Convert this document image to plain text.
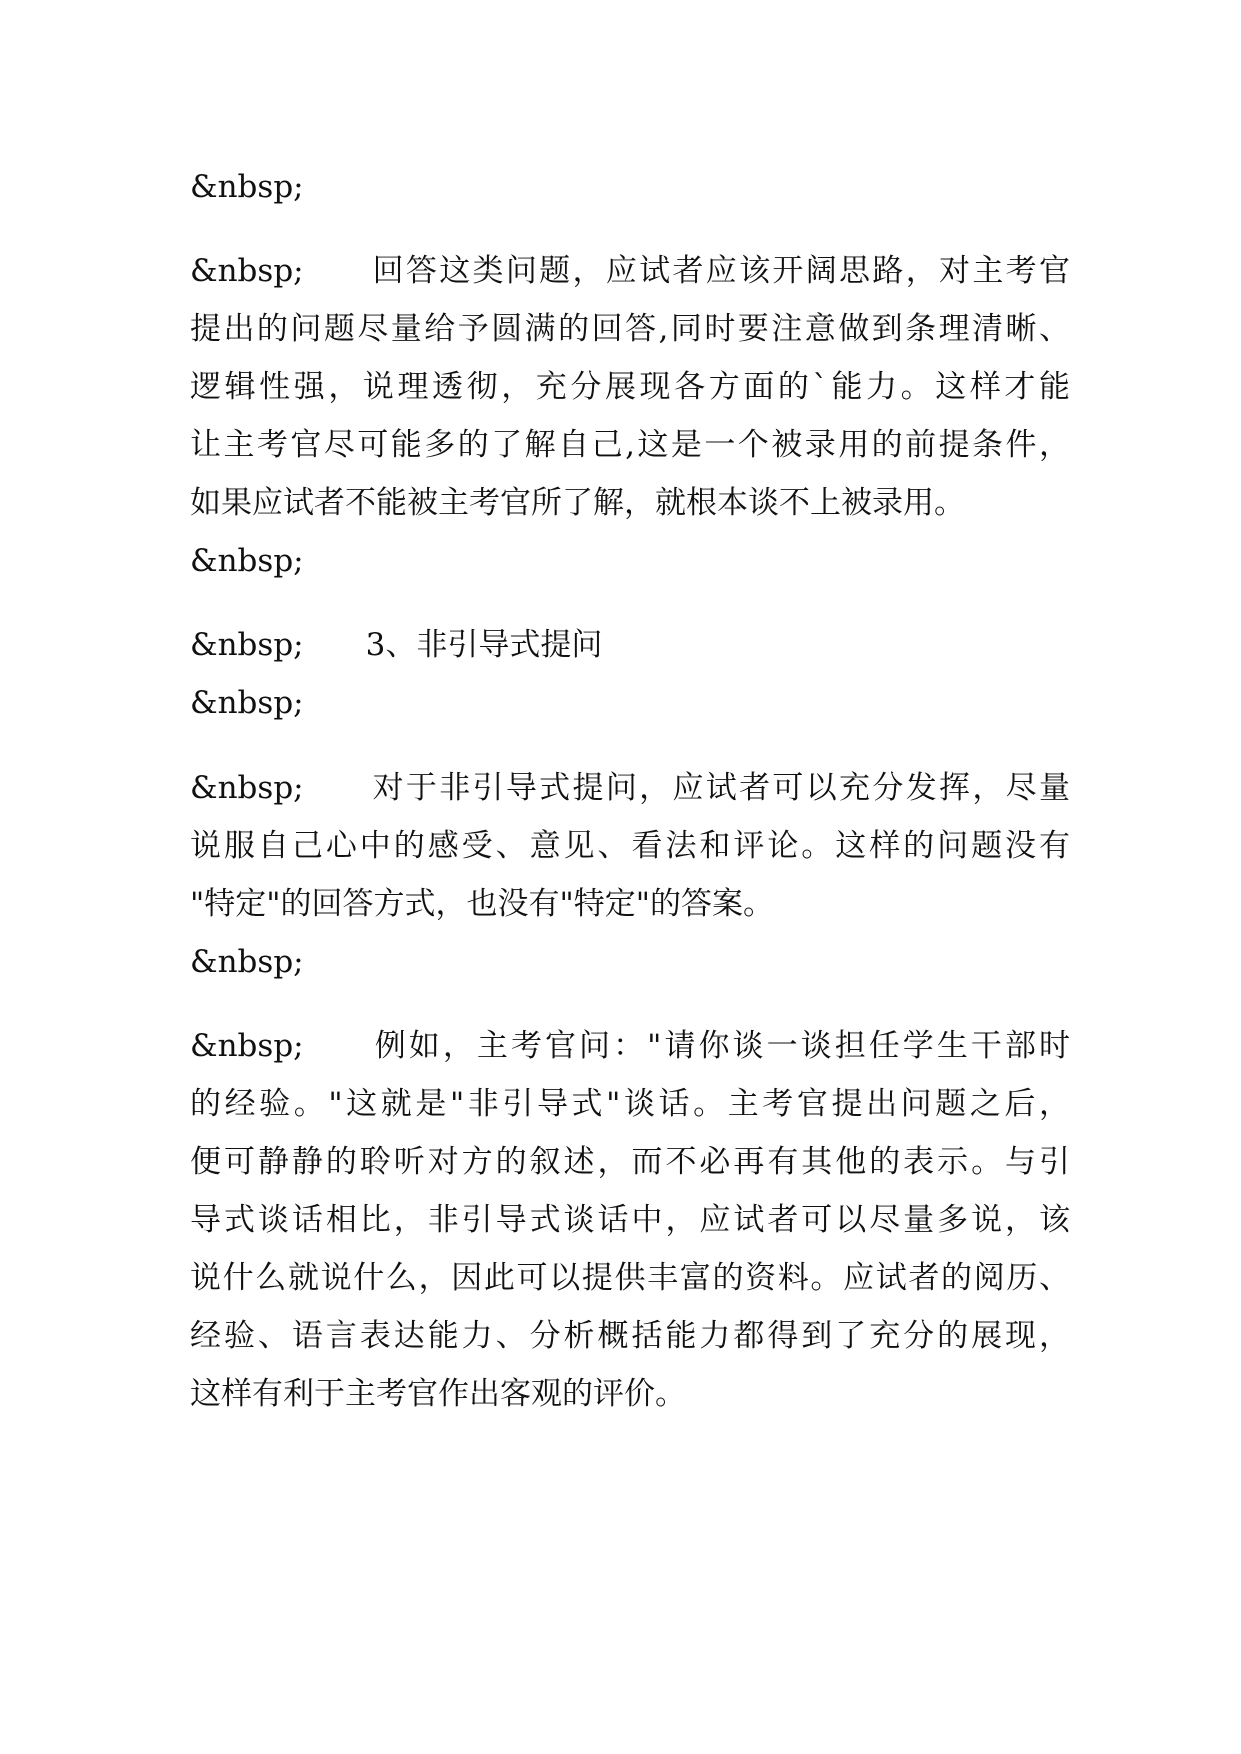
&nbsp;
&nbsp;　　回答这类问题，应试者应该开阔思路，对主考官
提出的问题尽量给予圆满的回答,同时要注意做到条理清晰、
逻辑性强，说理透彻，充分展现各方面的`能力。这样才能
让主考官尽可能多的了解自己,这是一个被录用的前提条件，
如果应试者不能被主考官所了解，就根本谈不上被录用。
&nbsp;
&nbsp;　　3、非引导式提问
&nbsp;
&nbsp;　　对于非引导式提问，应试者可以充分发挥，尽量
说服自己心中的感受、意见、看法和评论。这样的问题没有
"特定"的回答方式，也没有"特定"的答案。
&nbsp;
&nbsp;　　例如，主考官问："请你谈一谈担任学生干部时
的经验。"这就是"非引导式"谈话。主考官提出问题之后，
便可静静的聆听对方的叙述，而不必再有其他的表示。与引
导式谈话相比，非引导式谈话中，应试者可以尽量多说，该
说什么就说什么，因此可以提供丰富的资料。应试者的阅历、
经验、语言表达能力、分析概括能力都得到了充分的展现，
这样有利于主考官作出客观的评价。
